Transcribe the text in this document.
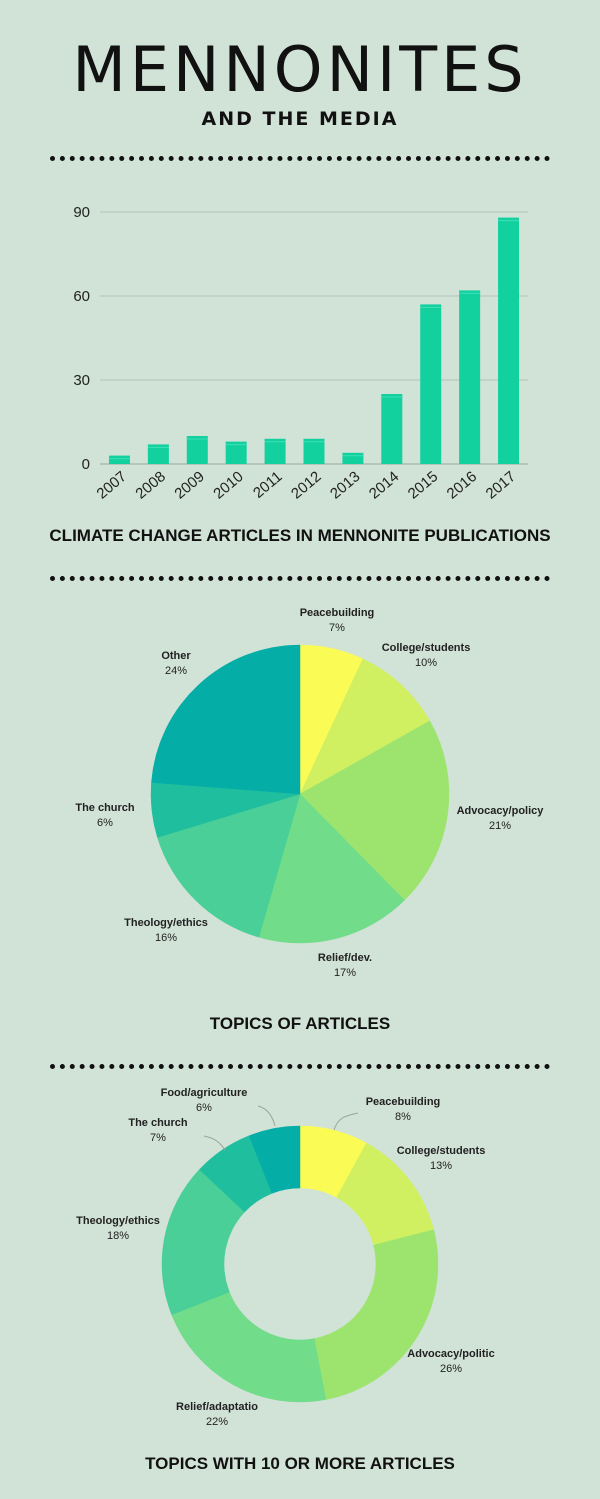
MENNONITES
AND THE MEDIA
0
30
60
90
2007 2008 2009 2010 2011 2012 2013 2014 2015 2016 2017
CLIMATE CHANGE ARTICLES IN MENNONITE PUBLICATIONS
Peacebuilding
7%
College/students
10%
Advocacy/policy
21%
Relief/dev.
17%
Theology/ethics
16%
The church
6%
Other
24%
TOPICS OF ARTICLES
Peacebuilding
8%
College/students
13%
Advocacy/politic
26%
Relief/adaptatio
22%
Theology/ethics
18%
The church
7%
Food/agriculture
6%
TOPICS WITH 10 OR MORE ARTICLES
